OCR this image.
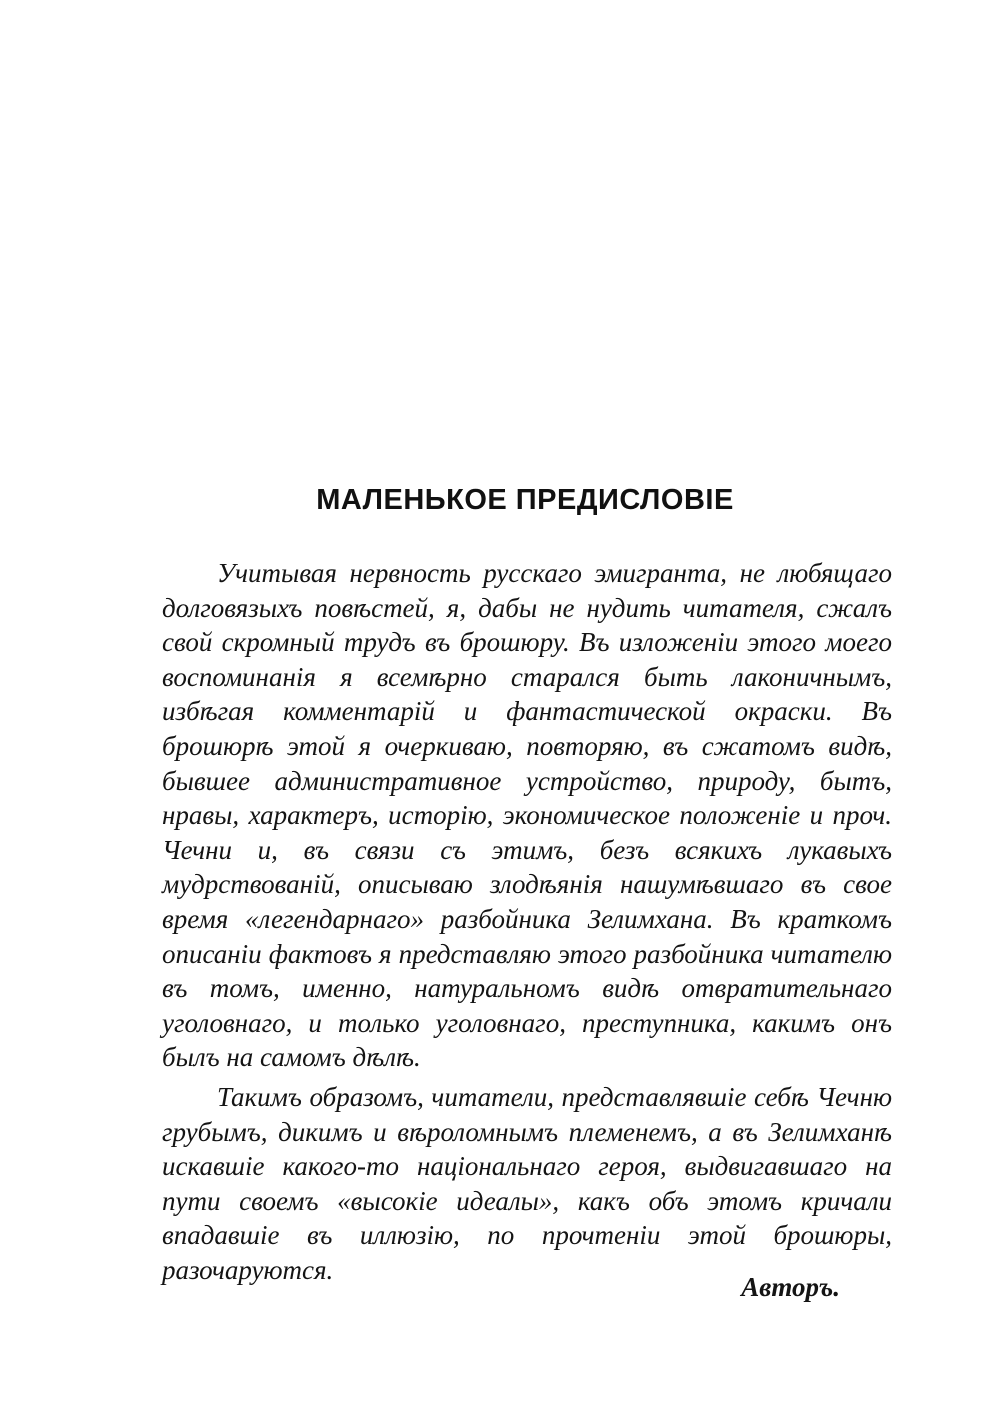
МАЛЕНЬКОЕ ПРЕДИСЛОВІЕ

Учитывая нервность русскаго эмигранта, не любящаго долговязыхъ повѣстей, я, дабы не нудить читателя, сжалъ свой скромный трудъ въ брошюру. Въ изложеніи этого моего воспоминанія я всемѣрно старался быть лаконичнымъ, избѣгая комментарій и фантастической окраски. Въ брошюрѣ этой я очеркиваю, повторяю, въ сжатомъ видѣ, бывшее административное устройство, природу, бытъ, нравы, характеръ, исторію, экономическое положеніе и проч. Чечни и, въ связи съ этимъ, безъ всякихъ лукавыхъ мудрствованій, описываю злодѣянія нашумѣвшаго въ свое время «легендарнаго» разбойника Зелимхана. Въ краткомъ описаніи фактовъ я представляю этого разбойника читателю въ томъ, именно, натуральномъ видѣ отвратительнаго уголовнаго, и только уголовнаго, преступника, какимъ онъ былъ на самомъ дѣлѣ.

Такимъ образомъ, читатели, представлявшіе себѣ Чечню грубымъ, дикимъ и вѣроломнымъ племенемъ, а въ Зелимханѣ искавшіе какого-то національнаго героя, выдвигавшаго на пути своемъ «высокіе идеалы», какъ объ этомъ кричали впадавшіе въ иллюзію, по прочтеніи этой брошюры, разочаруются.

Авторъ.
